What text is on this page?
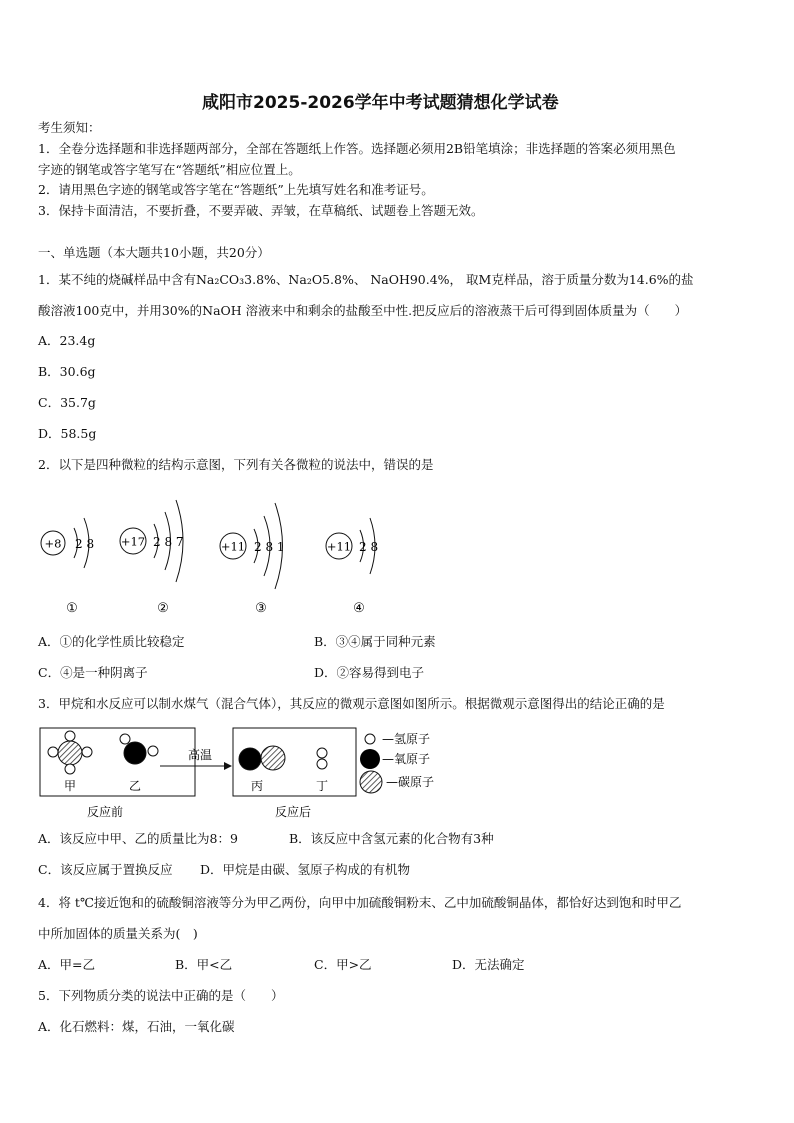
咸阳市2025-2026学年中考试题猜想化学试卷
考生须知：
1．全卷分选择题和非选择题两部分，全部在答题纸上作答。选择题必须用2B铅笔填涂；非选择题的答案必须用黑色
字迹的钢笔或答字笔写在“答题纸”相应位置上。
2．请用黑色字迹的钢笔或答字笔在“答题纸”上先填写姓名和准考证号。
3．保持卡面清洁，不要折叠，不要弄破、弄皱，在草稿纸、试题卷上答题无效。
一、单选题（本大题共10小题，共20分）
1．某不纯的烧碱样品中含有Na₂CO₃3.8%、Na₂O5.8%、 NaOH90.4%， 取M克样品，溶于质量分数为14.6%的盐
酸溶液100克中，并用30%的NaOH 溶液来中和剩余的盐酸至中性.把反应后的溶液蒸干后可得到固体质量为（　　）
A．23.4g
B．30.6g
C．35.7g
D．58.5g
2．以下是四种微粒的结构示意图，下列有关各微粒的说法中，错误的是
+8 2 8
①
+17 2 8 7
②
+11 2 8 1
③
+11 2 8
④
A．①的化学性质比较稳定	B．③④属于同种元素
C．④是一种阴离子	D．②容易得到电子
3．甲烷和水反应可以制水煤气（混合气体），其反应的微观示意图如图所示。根据微观示意图得出的结论正确的是
甲	乙
高温
丙	丁
反应前	反应后
—氢原子
—氧原子
—碳原子
A．该反应中甲、乙的质量比为8：9	B．该反应中含氢元素的化合物有3种
C．该反应属于置换反应 D．甲烷是由碳、氢原子构成的有机物
4．将 t℃接近饱和的硫酸铜溶液等分为甲乙两份，向甲中加硫酸铜粉末、乙中加硫酸铜晶体，都恰好达到饱和时甲乙
中所加固体的质量关系为(　)
A．甲=乙	B．甲<乙	C．甲>乙	D．无法确定
5．下列物质分类的说法中正确的是（　　）
A．化石燃料：煤，石油，一氧化碳
